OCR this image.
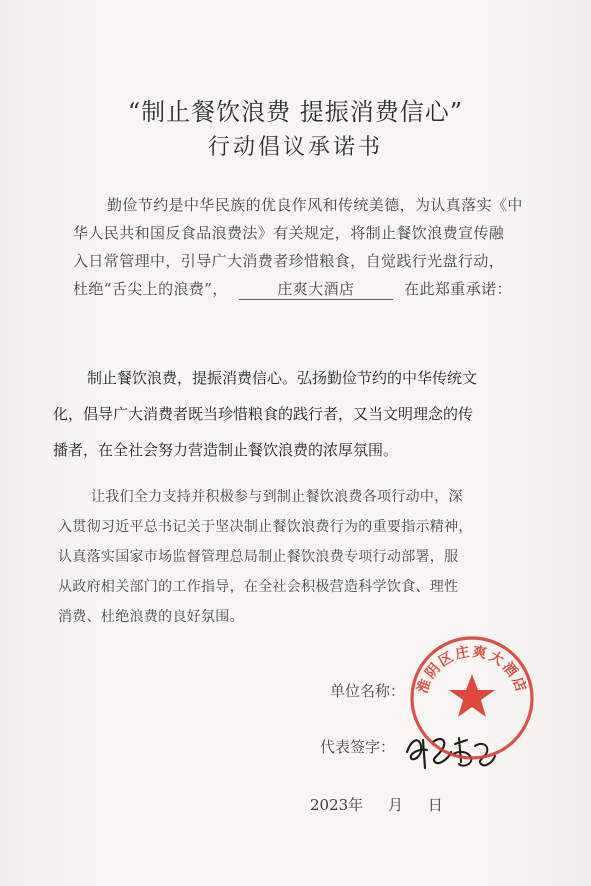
“制止餐饮浪费 提振消费信心”
行动倡议承诺书
勤俭节约是中华民族的优良作风和传统美德，为认真落实《中
华人民共和国反食品浪费法》有关规定，将制止餐饮浪费宣传融
入日常管理中，引导广大消费者珍惜粮食，自觉践行光盘行动，
杜绝“舌尖上的浪费”，	庄爽大酒店	在此郑重承诺：
制止餐饮浪费，提振消费信心。弘扬勤俭节约的中华传统文
化，倡导广大消费者既当珍惜粮食的践行者，又当文明理念的传
播者，在全社会努力营造制止餐饮浪费的浓厚氛围。
让我们全力支持并积极参与到制止餐饮浪费各项行动中，深
入贯彻习近平总书记关于坚决制止餐饮浪费行为的重要指示精神，
认真落实国家市场监督管理总局制止餐饮浪费专项行动部署，服
从政府相关部门的工作指导，在全社会积极营造科学饮食、理性
消费、杜绝浪费的良好氛围。
单位名称：
代表签字：
淮阴区庄爽大酒店
2023年 月 日
